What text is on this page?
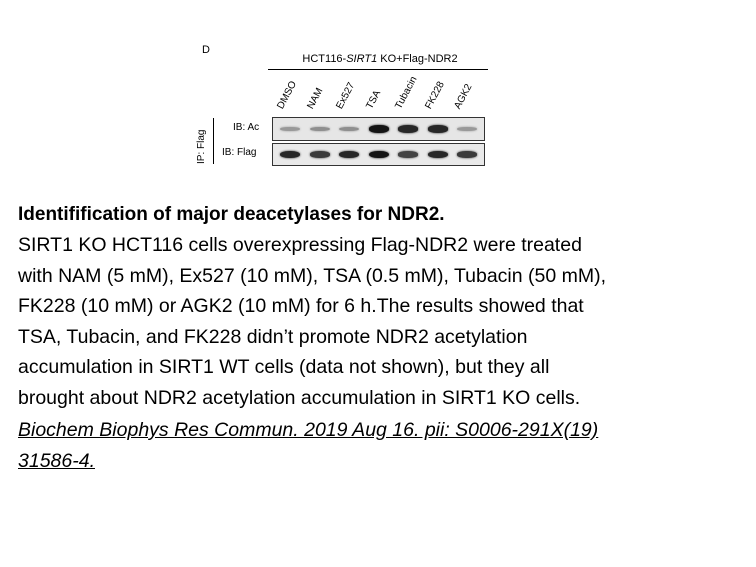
D
HCT116-SIRT1 KO+Flag-NDR2
DMSO NAM Ex527 TSA Tubacin FK228 AGK2
IB: Ac
IB: Flag
IP: Flag

Identifification of major deacetylases for NDR2.

SIRT1 KO HCT116 cells overexpressing Flag-NDR2 were treated
with NAM (5 mM), Ex527 (10 mM), TSA (0.5 mM), Tubacin (50 mM),
FK228 (10 mM) or AGK2 (10 mM) for 6 h.The results showed that
TSA, Tubacin, and FK228 didn’t promote NDR2 acetylation
accumulation in SIRT1 WT cells (data not shown), but they all
brought about NDR2 acetylation accumulation in SIRT1 KO cells.

Biochem Biophys Res Commun. 2019 Aug 16. pii: S0006-291X(19)
31586-4.
